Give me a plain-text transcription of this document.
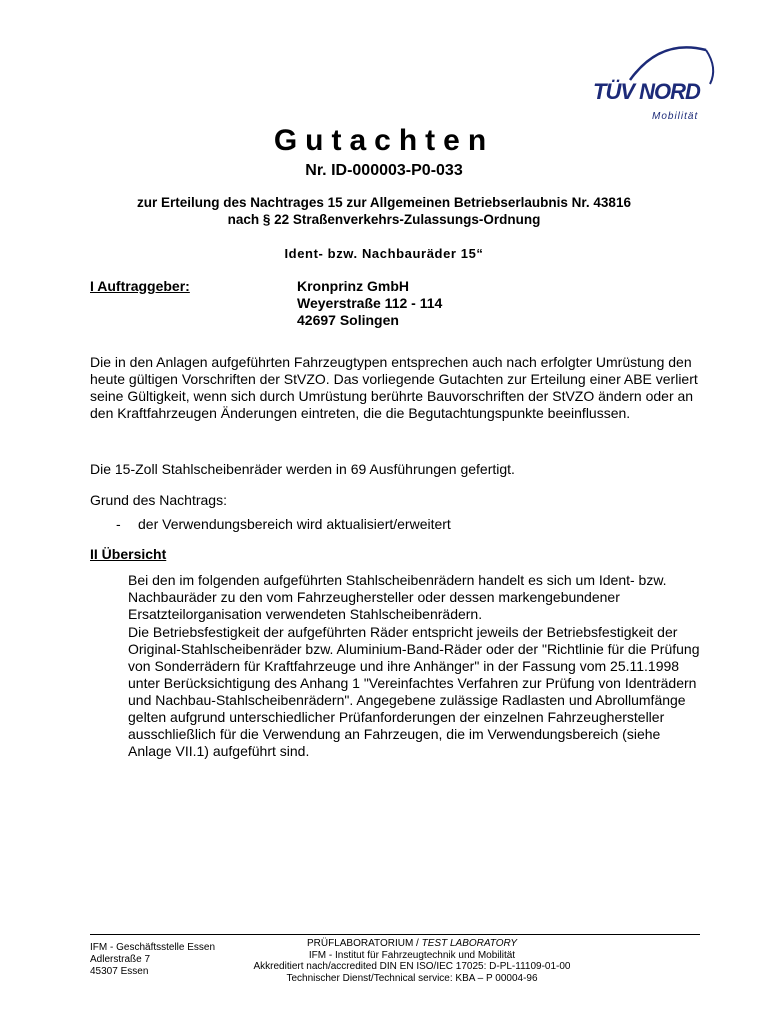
TÜV NORD
Mobilität
Gutachten
Nr. ID-000003-P0-033
zur Erteilung des Nachtrages 15 zur Allgemeinen Betriebserlaubnis Nr. 43816
nach § 22 Straßenverkehrs-Zulassungs-Ordnung
Ident- bzw. Nachbauräder 15“
I Auftraggeber:	Kronprinz GmbH
Weyerstraße 112 - 114
42697 Solingen
Die in den Anlagen aufgeführten Fahrzeugtypen entsprechen auch nach erfolgter Umrüstung den heute gültigen Vorschriften der StVZO. Das vorliegende Gutachten zur Erteilung einer ABE verliert seine Gültigkeit, wenn sich durch Umrüstung berührte Bauvorschriften der StVZO ändern oder an den Kraftfahrzeugen Änderungen eintreten, die die Begutachtungspunkte beeinflussen.
Die 15-Zoll Stahlscheibenräder werden in 69 Ausführungen gefertigt.
Grund des Nachtrags:
- der Verwendungsbereich wird aktualisiert/erweitert
II Übersicht
Bei den im folgenden aufgeführten Stahlscheibenrädern handelt es sich um Ident- bzw. Nachbauräder zu den vom Fahrzeughersteller oder dessen markengebundener Ersatzteilorganisation verwendeten Stahlscheibenrädern.
Die Betriebsfestigkeit der aufgeführten Räder entspricht jeweils der Betriebsfestigkeit der Original-Stahlscheibenräder bzw. Aluminium-Band-Räder oder der "Richtlinie für die Prüfung von Sonderrädern für Kraftfahrzeuge und ihre Anhänger" in der Fassung vom 25.11.1998 unter Berücksichtigung des Anhang 1 "Vereinfachtes Verfahren zur Prüfung von Identrädern und Nachbau-Stahlscheibenrädern". Angegebene zulässige Radlasten und Abrollumfänge gelten aufgrund unterschiedlicher Prüfanforderungen der einzelnen Fahrzeughersteller ausschließlich für die Verwendung an Fahrzeugen, die im Verwendungsbereich (siehe Anlage VII.1) aufgeführt sind.
IFM - Geschäftsstelle Essen
Adlerstraße 7
45307 Essen
PRÜFLABORATORIUM / TEST LABORATORY
IFM - Institut für Fahrzeugtechnik und Mobilität
Akkreditiert nach/accredited DIN EN ISO/IEC 17025: D-PL-11109-01-00
Technischer Dienst/Technical service: KBA – P 00004-96
